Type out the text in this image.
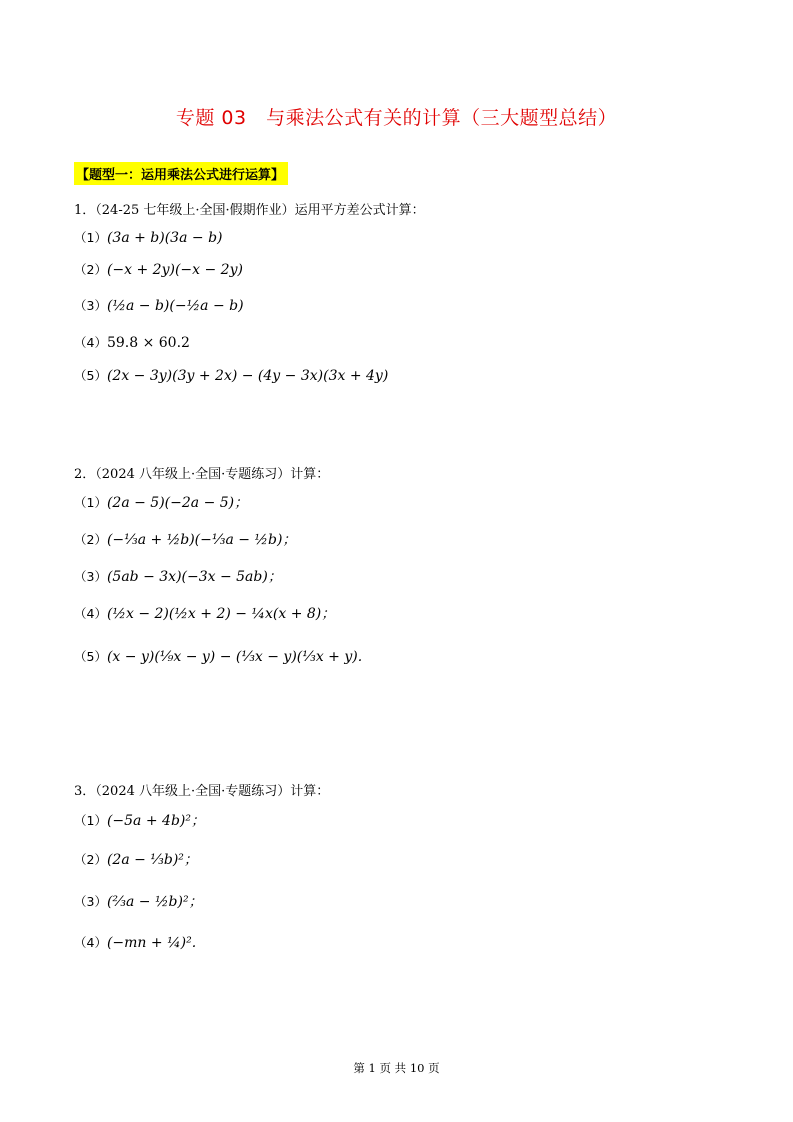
专题 03　与乘法公式有关的计算（三大题型总结）
【题型一：运用乘法公式进行运算】
1．（24-25 七年级上·全国·假期作业）运用平方差公式计算：
（1）(3a + b)(3a − b)
（2）(−x + 2y)(−x − 2y)
（3）(½a − b)(−½a − b)
（4）59.8 × 60.2
（5）(2x − 3y)(3y + 2x) − (4y − 3x)(3x + 4y)
2．（2024 八年级上·全国·专题练习）计算：
（1）(2a − 5)(−2a − 5)；
（2）(−⅓a + ½b)(−⅓a − ½b)；
（3）(5ab − 3x)(−3x − 5ab)；
（4）(½x − 2)(½x + 2) − ¼x(x + 8)；
（5）(x − y)(⅑x − y) − (⅓x − y)(⅓x + y).
3．（2024 八年级上·全国·专题练习）计算：
（1）(−5a + 4b)²；
（2）(2a − ⅓b)²；
（3）(⅔a − ½b)²；
（4）(−mn + ¼)².
第 1 页 共 10 页
